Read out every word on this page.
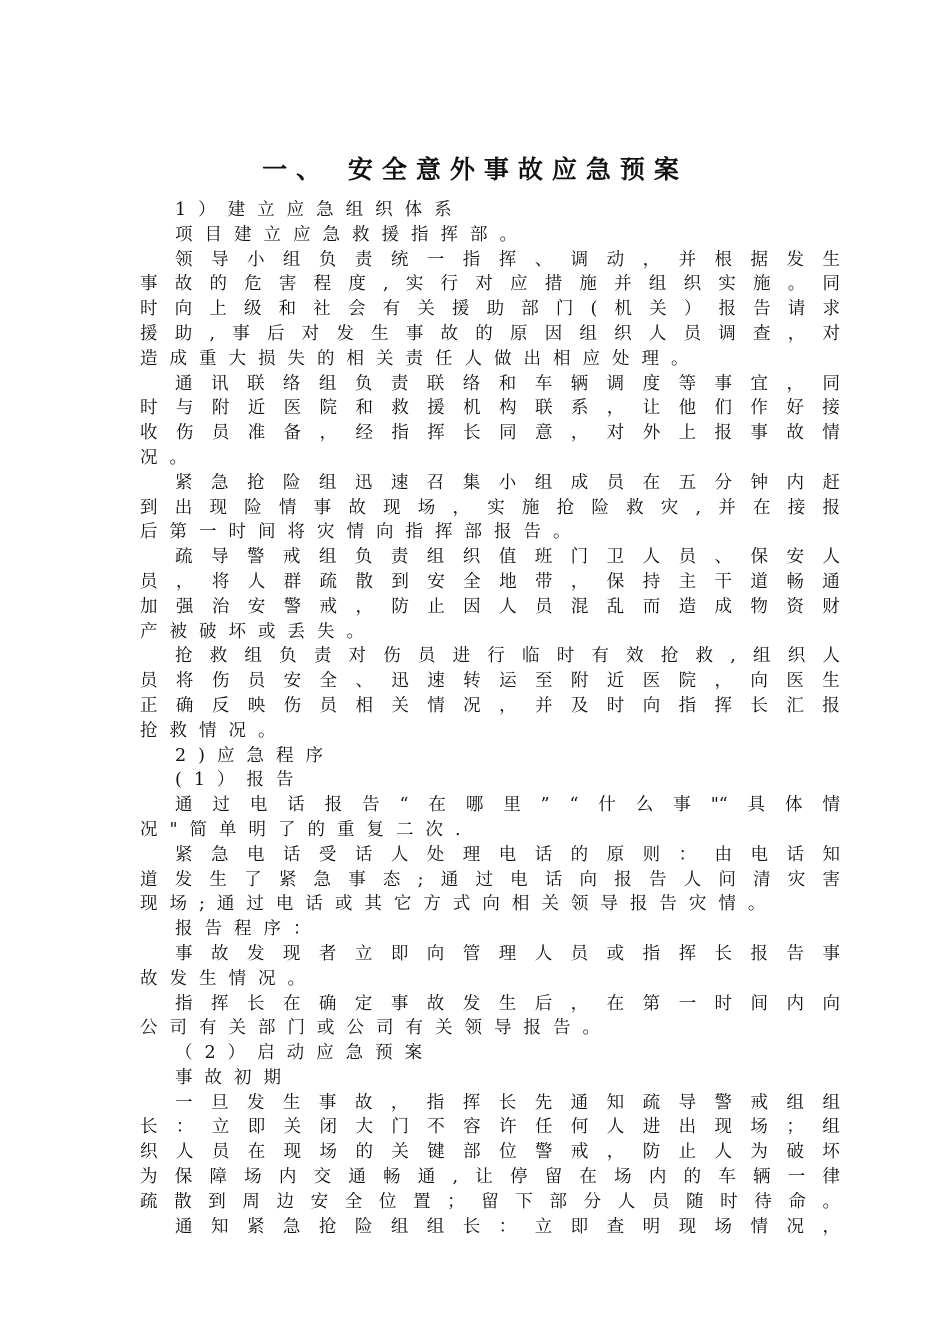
一、 安全意外事故应急预案
1）建立应急组织体系
项目建立应急救援指挥部。
领 导 小 组 负 责 统 一 指 挥 、 调 动 ， 并 根 据 发 生
事 故 的 危 害 程 度 , 实 行 对 应 措 施 并 组 织 实 施 。 同
时 向 上 级 和 社 会 有 关 援 助 部 门 ( 机 关 ） 报 告 请 求
援 助 , 事 后 对 发 生 事 故 的 原 因 组 织 人 员 调 查 ， 对
造成重大损失的相关责任人做出相应处理。
通 讯 联 络 组 负 责 联 络 和 车 辆 调 度 等 事 宜 ， 同
时 与 附 近 医 院 和 救 援 机 构 联 系 ， 让 他 们 作 好 接
收 伤 员 准 备 ， 经 指 挥 长 同 意 ， 对 外 上 报 事 故 情
况。
紧 急 抢 险 组 迅 速 召 集 小 组 成 员 在 五 分 钟 内 赶
到 出 现 险 情 事 故 现 场 ， 实 施 抢 险 救 灾 , 并 在 接 报
后第一时间将灾情向指挥部报告。
疏 导 警 戒 组 负 责 组 织 值 班 门 卫 人 员 、 保 安 人
员 ， 将 人 群 疏 散 到 安 全 地 带 ， 保 持 主 干 道 畅 通
加 强 治 安 警 戒 ， 防 止 因 人 员 混 乱 而 造 成 物 资 财
产被破坏或丢失。
抢 救 组 负 责 对 伤 员 进 行 临 时 有 效 抢 救 , 组 织 人
员 将 伤 员 安 全 、 迅 速 转 运 至 附 近 医 院 ， 向 医 生
正 确 反 映 伤 员 相 关 情 况 ， 并 及 时 向 指 挥 长 汇 报
抢救情况。
2)应急程序
(1）报告
通 过 电 话 报 告 “ 在 哪 里 ” “ 什 么 事 "“ 具 体 情
况"简单明了的重复二次.
紧 急 电 话 受 话 人 处 理 电 话 的 原 则 ： 由 电 话 知
道 发 生 了 紧 急 事 态 ; 通 过 电 话 向 报 告 人 问 清 灾 害
现场;通过电话或其它方式向相关领导报告灾情。
报告程序：
事 故 发 现 者 立 即 向 管 理 人 员 或 指 挥 长 报 告 事
故发生情况。
指 挥 长 在 确 定 事 故 发 生 后 ， 在 第 一 时 间 内 向
公司有关部门或公司有关领导报告。
（2）启动应急预案
事故初期
一 旦 发 生 事 故 ， 指 挥 长 先 通 知 疏 导 警 戒 组 组
长 ： 立 即 关 闭 大 门 不 容 许 任 何 人 进 出 现 场 ； 组
织 人 员 在 现 场 的 关 键 部 位 警 戒 ， 防 止 人 为 破 坏
为 保 障 场 内 交 通 畅 通 , 让 停 留 在 场 内 的 车 辆 一 律
疏 散 到 周 边 安 全 位 置 ； 留 下 部 分 人 员 随 时 待 命 。
通 知 紧 急 抢 险 组 组 长 ： 立 即 查 明 现 场 情 况 ，
